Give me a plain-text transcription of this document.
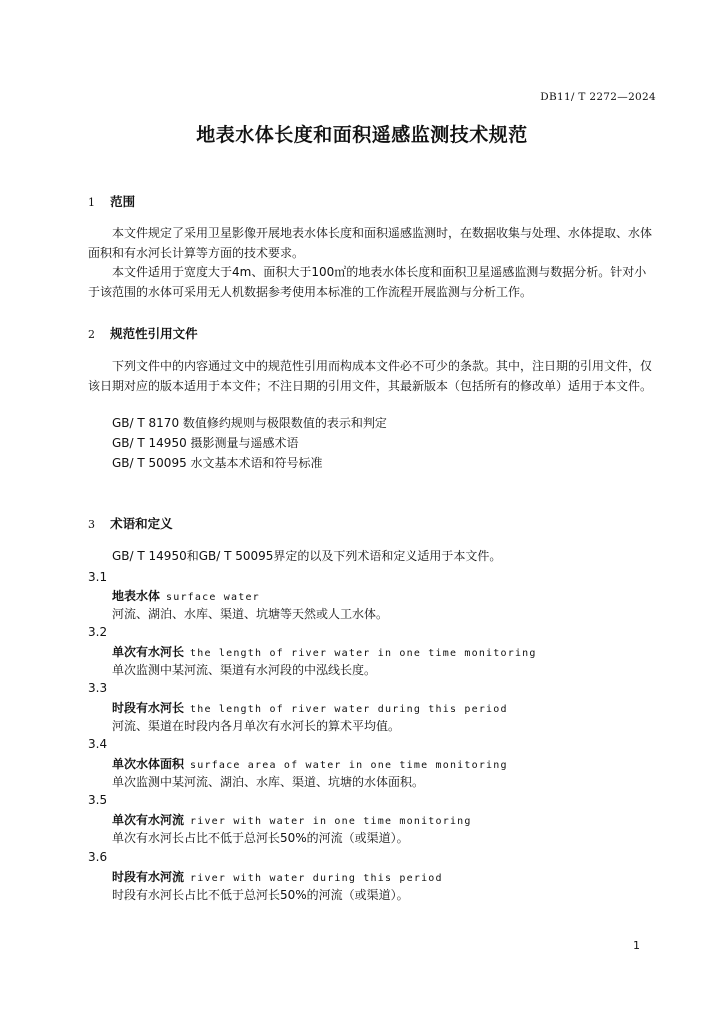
DB11/ T 2272—2024
地表水体长度和面积遥感监测技术规范
1 范围
本文件规定了采用卫星影像开展地表水体长度和面积遥感监测时，在数据收集与处理、水体提取、水体面积和有水河长计算等方面的技术要求。
本文件适用于宽度大于4m、面积大于100㎡的地表水体长度和面积卫星遥感监测与数据分析。针对小于该范围的水体可采用无人机数据参考使用本标准的工作流程开展监测与分析工作。
2 规范性引用文件
下列文件中的内容通过文中的规范性引用而构成本文件必不可少的条款。其中，注日期的引用文件，仅该日期对应的版本适用于本文件；不注日期的引用文件，其最新版本（包括所有的修改单）适用于本文件。
GB/ T 8170 数值修约规则与极限数值的表示和判定
GB/ T 14950 摄影测量与遥感术语
GB/ T 50095 水文基本术语和符号标准
3 术语和定义
GB/ T 14950和GB/ T 50095界定的以及下列术语和定义适用于本文件。
3.1
地表水体 surface water
河流、湖泊、水库、渠道、坑塘等天然或人工水体。
3.2
单次有水河长 the length of river water in one time monitoring
单次监测中某河流、渠道有水河段的中泓线长度。
3.3
时段有水河长 the length of river water during this period
河流、渠道在时段内各月单次有水河长的算术平均值。
3.4
单次水体面积 surface area of water in one time monitoring
单次监测中某河流、湖泊、水库、渠道、坑塘的水体面积。
3.5
单次有水河流 river with water in one time monitoring
单次有水河长占比不低于总河长50%的河流（或渠道）。
3.6
时段有水河流 river with water during this period
时段有水河长占比不低于总河长50%的河流（或渠道）。
1
